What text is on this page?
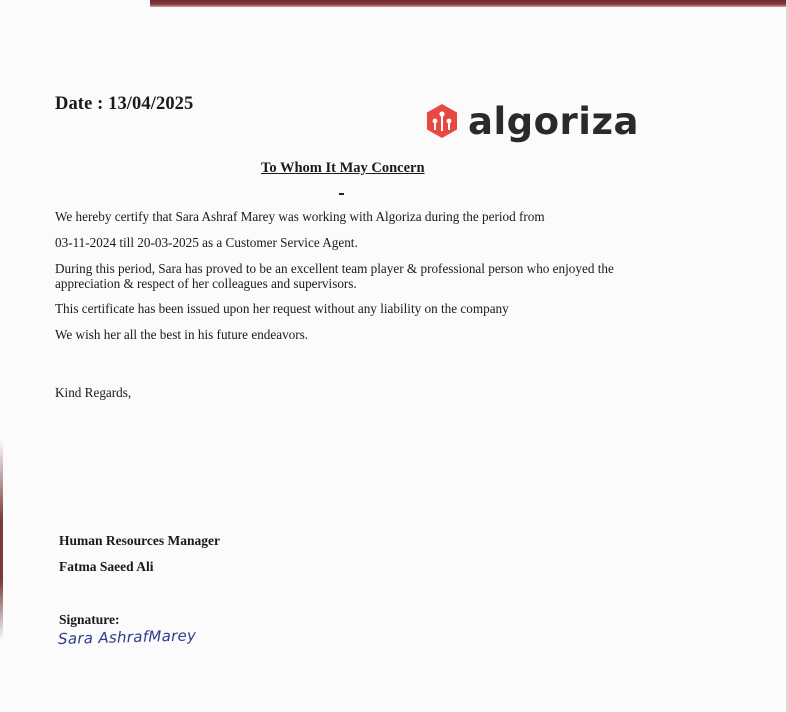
Date : 13/04/2025	algoriza
To Whom It May Concern
We hereby certify that Sara Ashraf Marey was working with Algoriza during the period from
03-11-2024 till 20-03-2025 as a Customer Service Agent.
During this period, Sara has proved to be an excellent team player & professional person who enjoyed the
appreciation & respect of her colleagues and supervisors.
This certificate has been issued upon her request without any liability on the company
We wish her all the best in his future endeavors.
Kind Regards,
Human Resources Manager
Fatma Saeed Ali
Signature:
Sara AshrafMarey
